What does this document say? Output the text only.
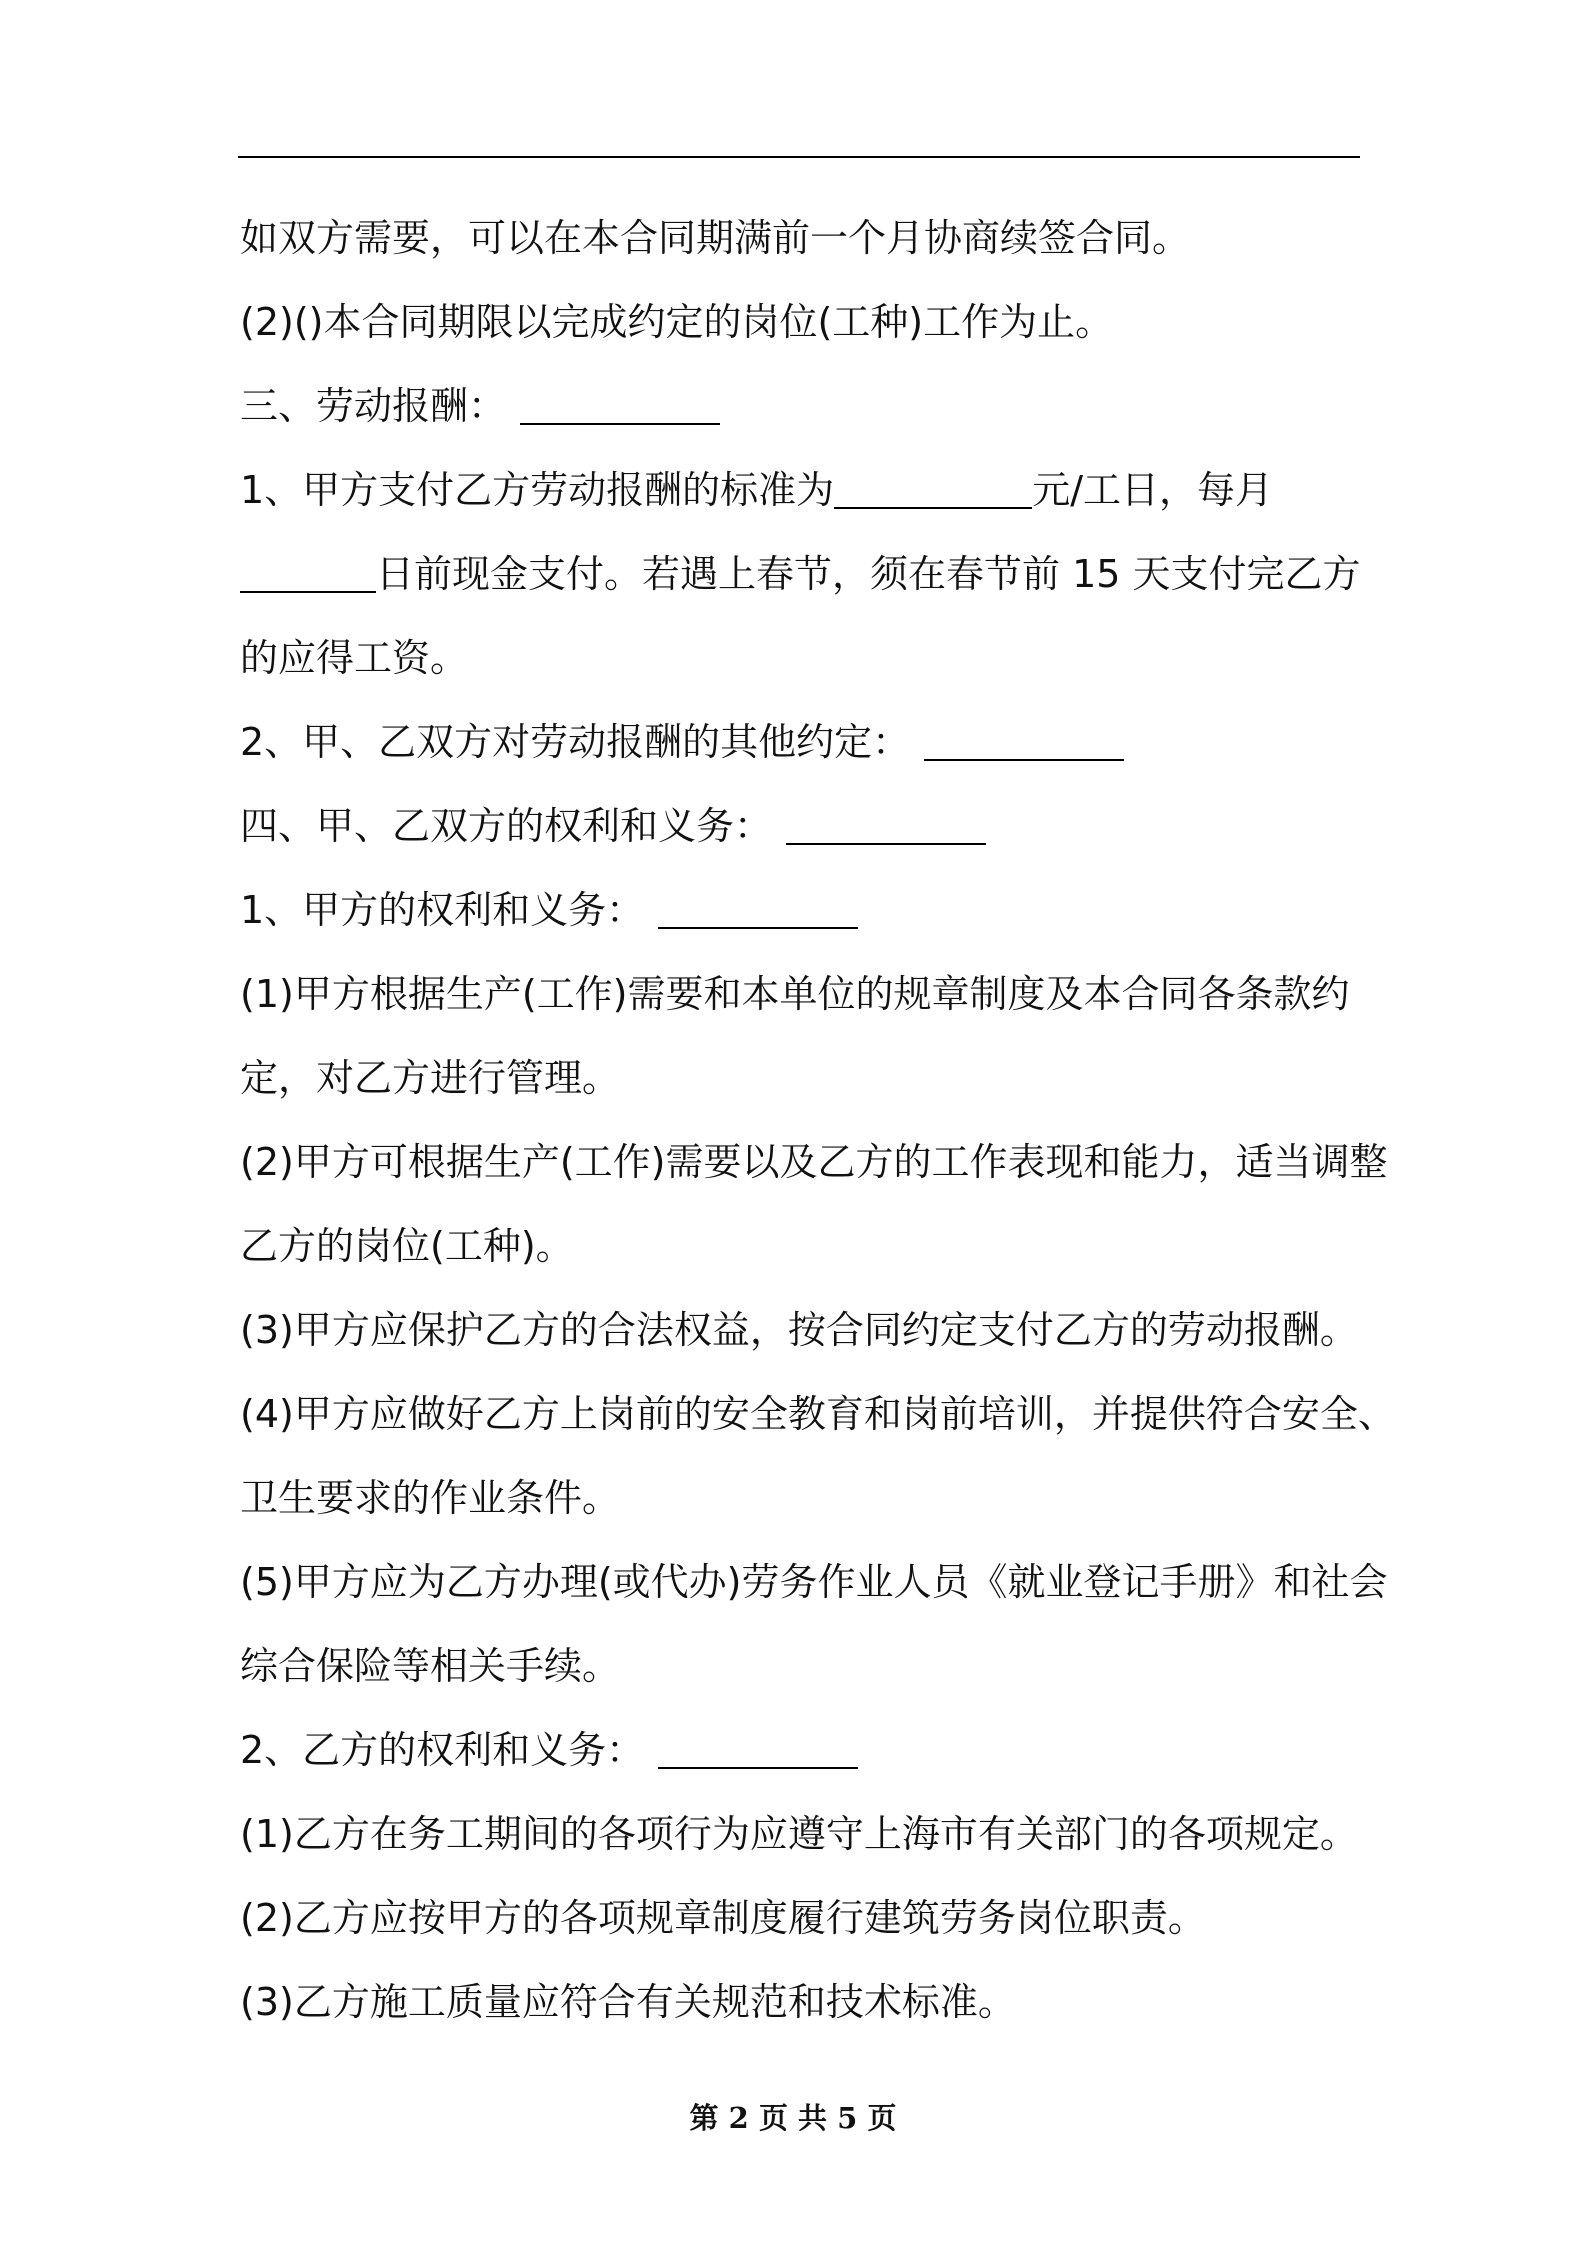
如双方需要，可以在本合同期满前一个月协商续签合同。
(2)()本合同期限以完成约定的岗位(工种)工作为止。
三、劳动报酬：
1、甲方支付乙方劳动报酬的标准为	元/工日，每月
日前现金支付。若遇上春节，须在春节前 15 天支付完乙方
的应得工资。
2、甲、乙双方对劳动报酬的其他约定：
四、甲、乙双方的权利和义务：
1、甲方的权利和义务：
(1)甲方根据生产(工作)需要和本单位的规章制度及本合同各条款约
定，对乙方进行管理。
(2)甲方可根据生产(工作)需要以及乙方的工作表现和能力，适当调整
乙方的岗位(工种)。
(3)甲方应保护乙方的合法权益，按合同约定支付乙方的劳动报酬。
(4)甲方应做好乙方上岗前的安全教育和岗前培训，并提供符合安全、
卫生要求的作业条件。
(5)甲方应为乙方办理(或代办)劳务作业人员《就业登记手册》和社会
综合保险等相关手续。
2、乙方的权利和义务：
(1)乙方在务工期间的各项行为应遵守上海市有关部门的各项规定。
(2)乙方应按甲方的各项规章制度履行建筑劳务岗位职责。
(3)乙方施工质量应符合有关规范和技术标准。
第 2 页 共 5 页
